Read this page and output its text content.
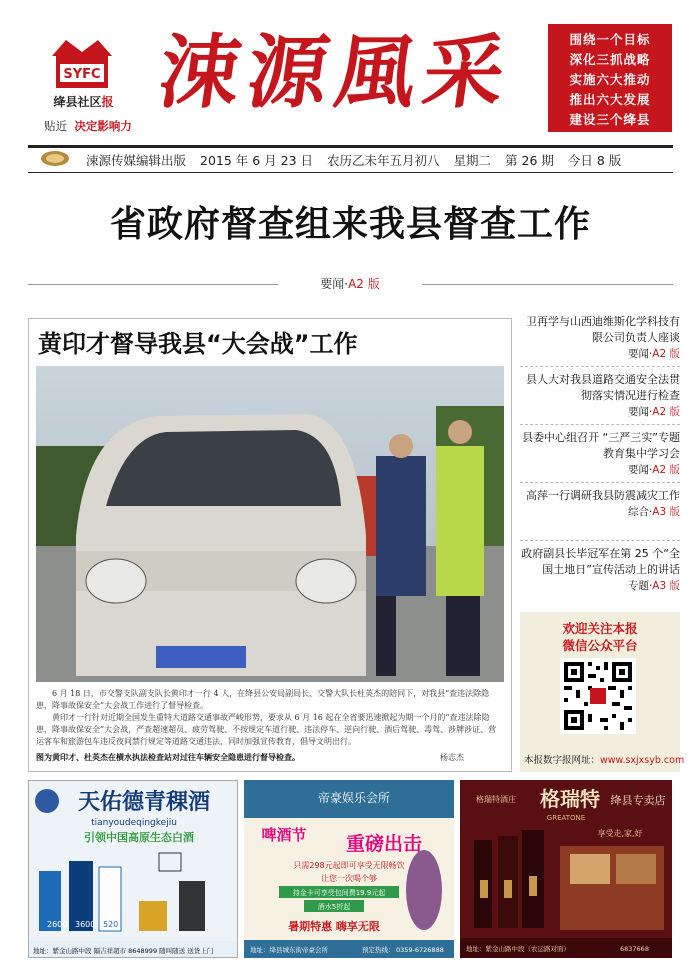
SYFC
绛县社区报
贴近 决定影响力
涑源風采	围绕一个目标
深化三抓战略
实施六大推动
推出六大发展
建设三个绛县
涑源传媒编辑出版 2015 年 6 月 23 日 农历乙未年五月初八 星期二 第 26 期 今日 8 版
省政府督查组来我县督查工作
要闻·A2 版
黄印才督导我县“大会战”工作

6 月 18 日，市交警支队副支队长黄印才一行 4 人，在绛县公安局副局长、交警大队长杜英杰的陪同下，对我县“查违法除隐患，降事故保安全”大会战工作进行了督导检查。

黄印才一行针对近期全国发生重特大道路交通事故严峻形势，要求从 6 月 16 起在全省要迅速掀起为期一个月的“查违法除隐患，降事故保安全”大会战，严查超速超员、疲劳驾驶、不按规定车道行驶、违法停车、逆向行驶、酒后驾驶、毒驾、涉牌涉证、营运客车和旅游包车违反夜间禁行规定等道路交通违法，同时加强宣传教育，倡导文明出行。

图为黄印才、杜英杰在横水执法检查站对过往车辆安全隐患进行督导检查。	杨志杰
卫再学与山西迪维斯化学科技有限公司负责人座谈
要闻·A2 版
县人大对我县道路交通安全法贯彻落实情况进行检查
要闻·A2 版
县委中心组召开 “三严三实”专题教育集中学习会
要闻·A2 版
高萍一行调研我县防震减灾工作
综合·A3 版
政府副县长毕冠军在第 25 个“全国土地日”宣传活动上的讲话
专题·A3 版
欢迎关注本报
微信公众平台
本报数字报网址：www.sxjxsyb.com
天佑德青稞酒
tianyoudeqingkejiu
引领中国高原生态白酒
2600 3600 520
地址：紫金山路中段 隔吉祥超市 8648999 随叫随送 送货上门
帝豪娱乐会所
啤酒节 重磅出击
只需298元起即可享受无限畅饮
让您一次喝个够
持金卡可享受包间费19.9元起
酒水5折起
暑期特惠 嗨享无限
地址：绛县城东街帝豪会所	预定热线： 0359-6726888
格瑞特酒庄 格瑞特 绛县专卖店
GREATONE
享受走,家,好
地址：紫金山路中段（农运路对面）	6837668
